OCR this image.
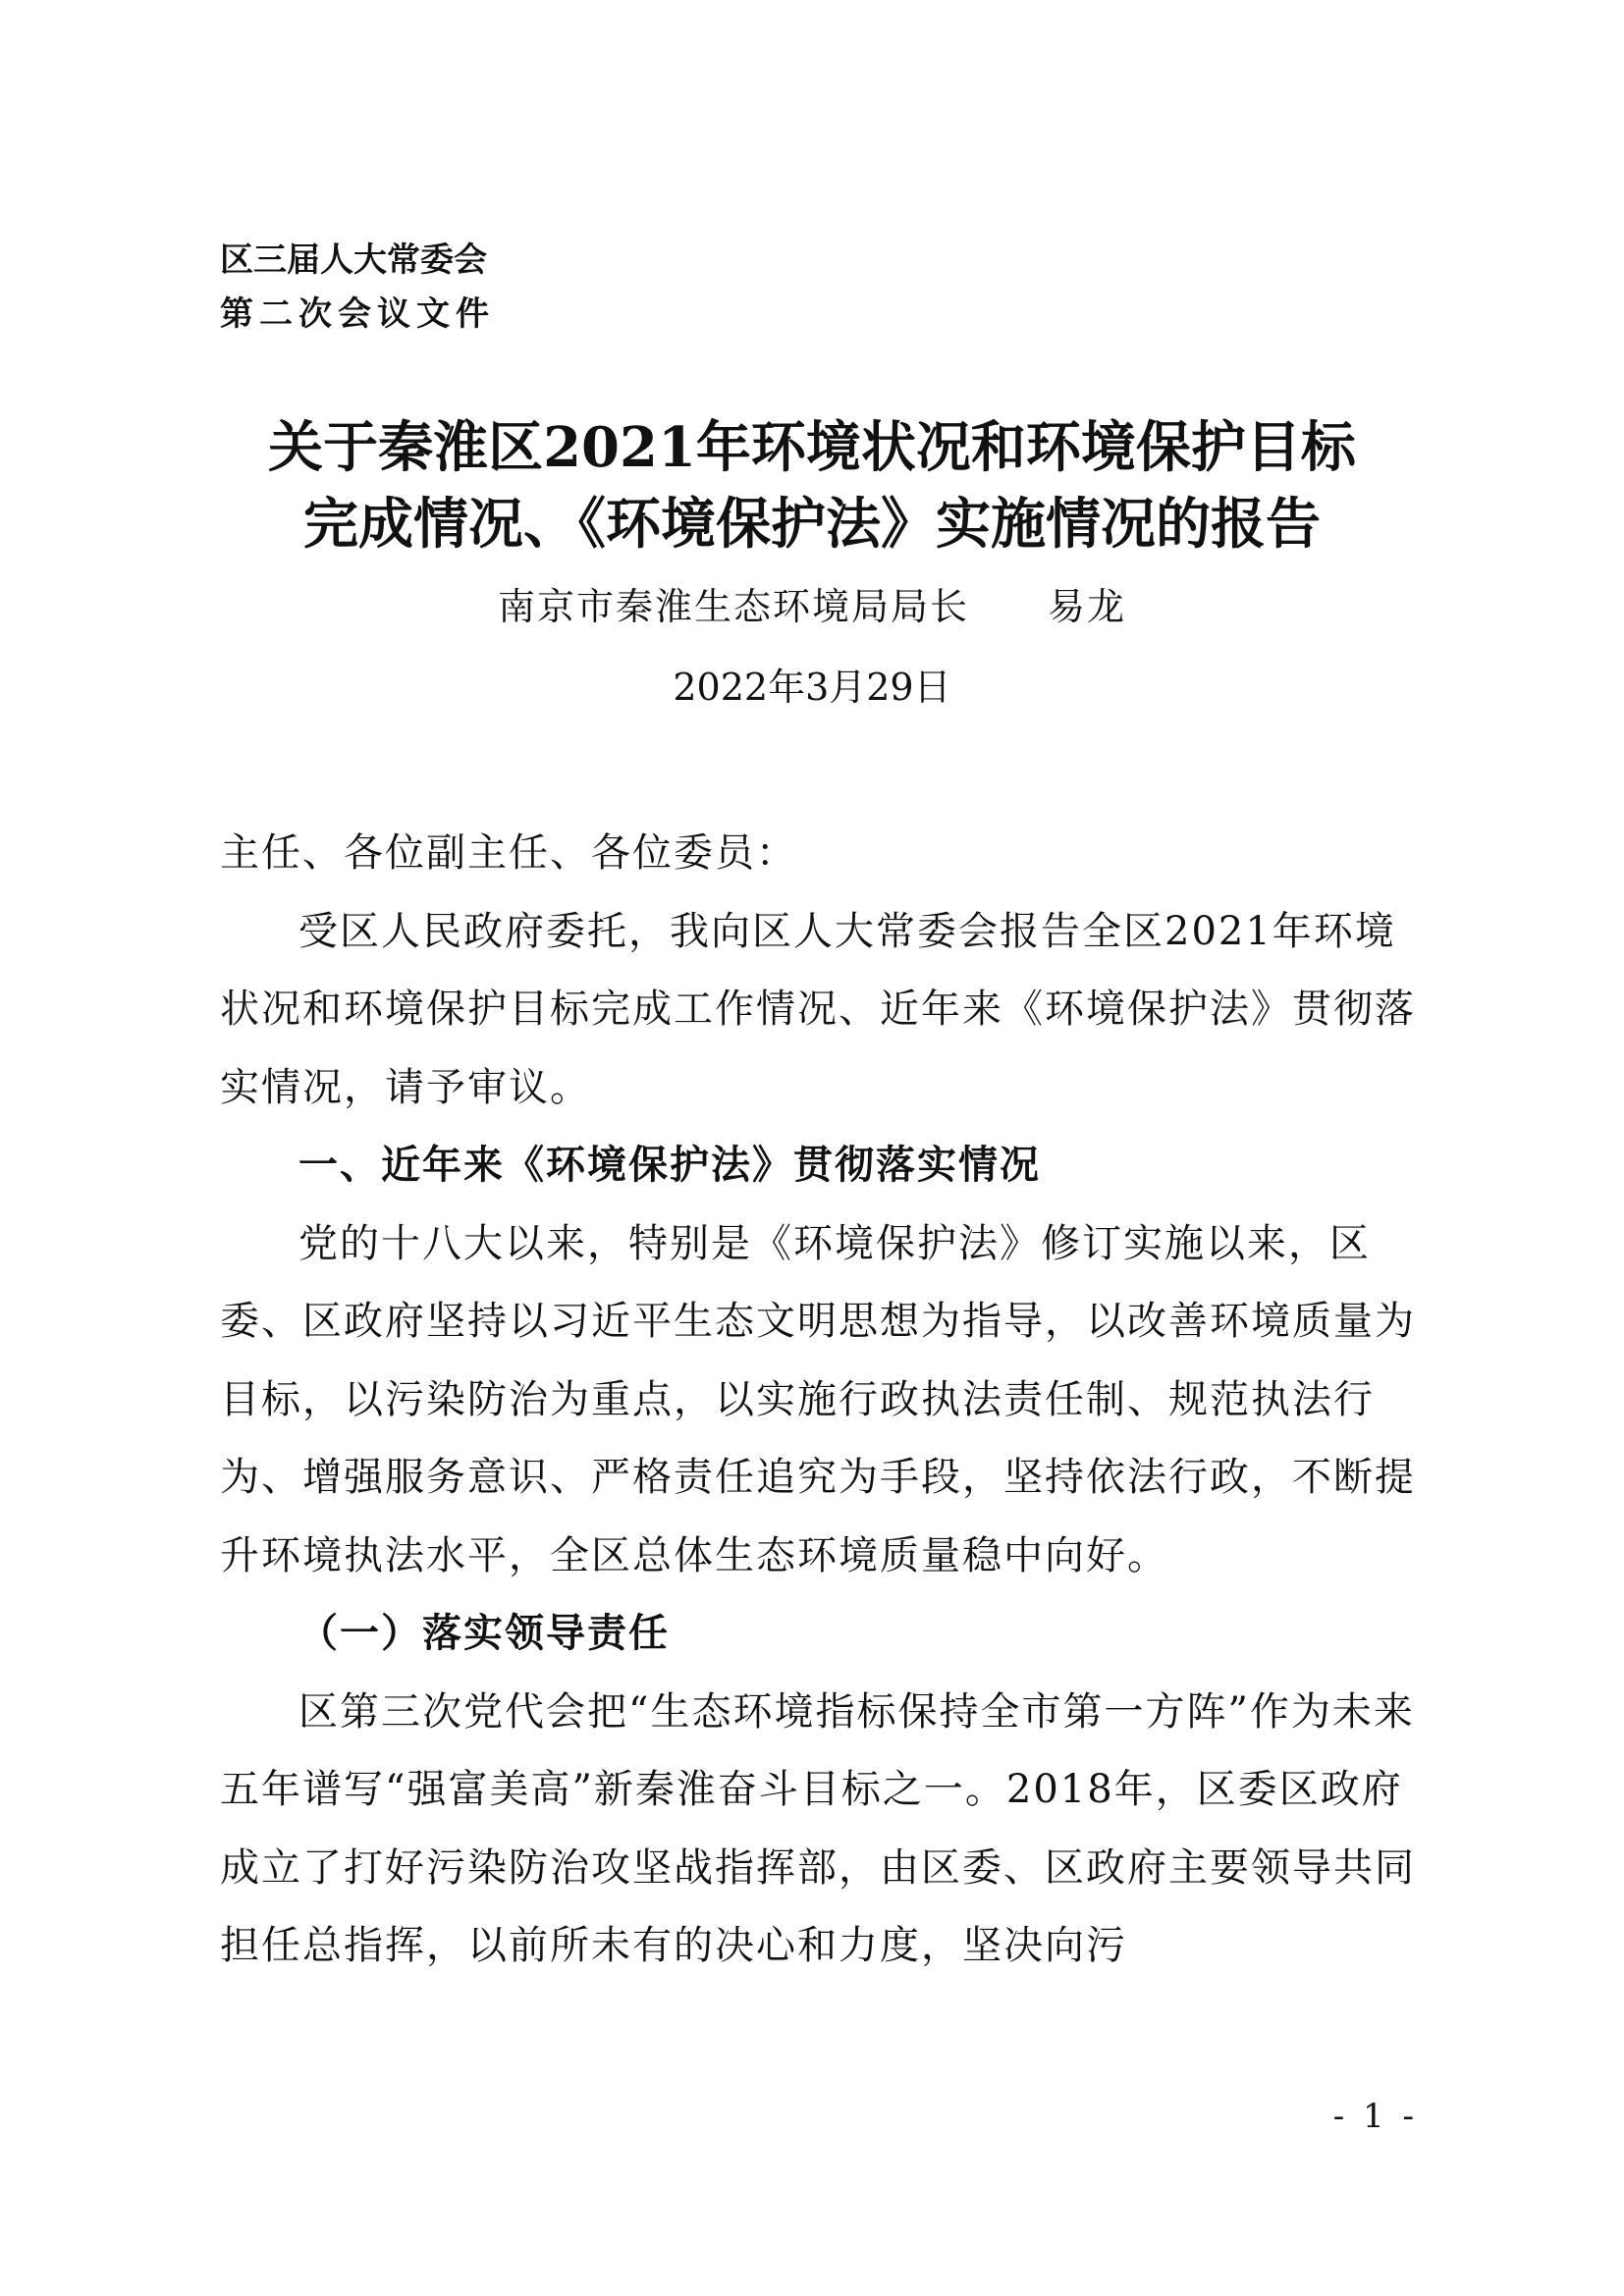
区三届人大常委会
第二次会议文件
关于秦淮区2021年环境状况和环境保护目标
完成情况、《环境保护法》实施情况的报告
南京市秦淮生态环境局局长　　易龙
2022年3月29日

主任、各位副主任、各位委员：

受区人民政府委托，我向区人大常委会报告全区2021年环境状况和环境保护目标完成工作情况、近年来《环境保护法》贯彻落实情况，请予审议。

一、近年来《环境保护法》贯彻落实情况

党的十八大以来，特别是《环境保护法》修订实施以来，区委、区政府坚持以习近平生态文明思想为指导，以改善环境质量为目标，以污染防治为重点，以实施行政执法责任制、规范执法行为、增强服务意识、严格责任追究为手段，坚持依法行政，不断提升环境执法水平，全区总体生态环境质量稳中向好。

（一）落实领导责任

区第三次党代会把“生态环境指标保持全市第一方阵”作为未来五年谱写“强富美高”新秦淮奋斗目标之一。2018年，区委区政府成立了打好污染防治攻坚战指挥部，由区委、区政府主要领导共同担任总指挥，以前所未有的决心和力度，坚决向污

- 1 -
